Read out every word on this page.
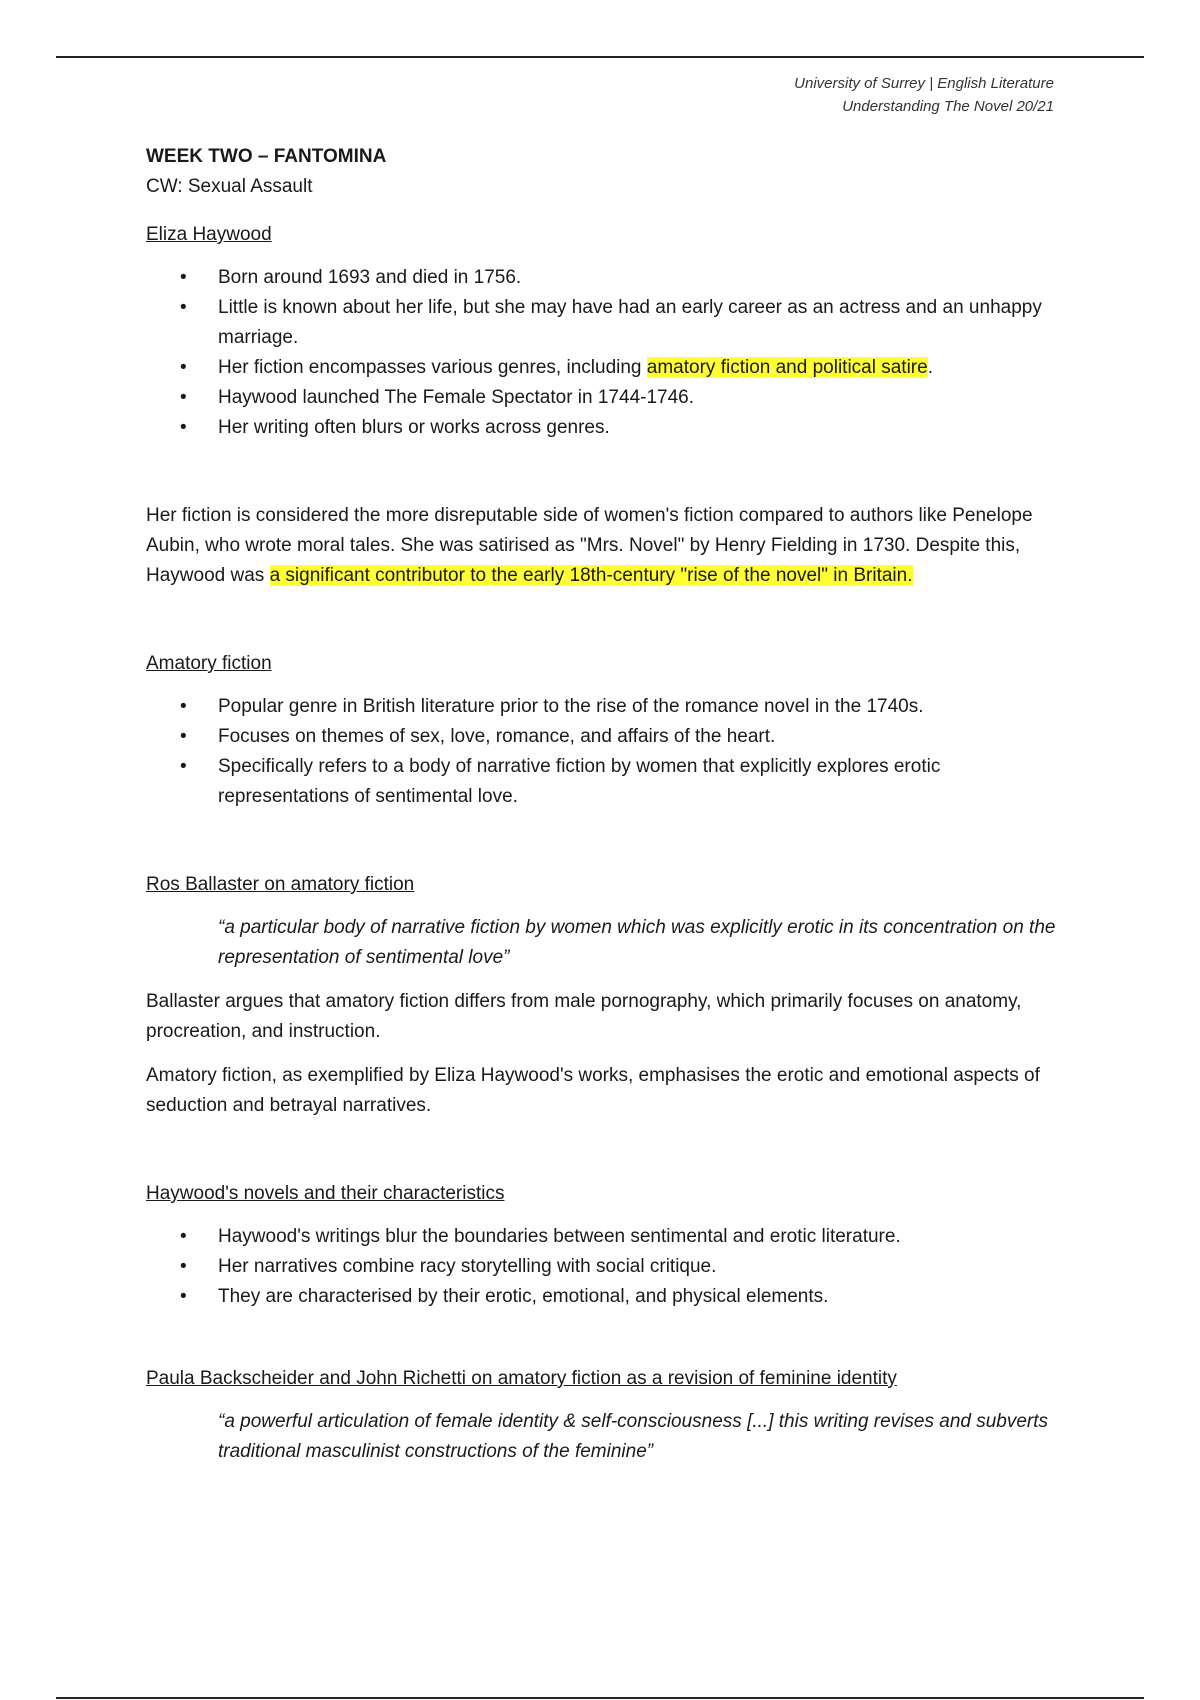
University of Surrey | English Literature
Understanding The Novel 20/21
WEEK TWO – FANTOMINA

CW: Sexual Assault

Eliza Haywood
• Born around 1693 and died in 1756.
• Little is known about her life, but she may have had an early career as an actress and an unhappy marriage.
• Her fiction encompasses various genres, including amatory fiction and political satire.
• Haywood launched The Female Spectator in 1744-1746.
• Her writing often blurs or works across genres.

Her fiction is considered the more disreputable side of women's fiction compared to authors like Penelope Aubin, who wrote moral tales. She was satirised as "Mrs. Novel" by Henry Fielding in 1730. Despite this, Haywood was a significant contributor to the early 18th-century "rise of the novel" in Britain.

Amatory fiction
• Popular genre in British literature prior to the rise of the romance novel in the 1740s.
• Focuses on themes of sex, love, romance, and affairs of the heart.
• Specifically refers to a body of narrative fiction by women that explicitly explores erotic representations of sentimental love.
Ros Ballaster on amatory fiction
“a particular body of narrative fiction by women which was explicitly erotic in its concentration on the representation of sentimental love”

Ballaster argues that amatory fiction differs from male pornography, which primarily focuses on anatomy, procreation, and instruction.

Amatory fiction, as exemplified by Eliza Haywood's works, emphasises the erotic and emotional aspects of seduction and betrayal narratives.

Haywood's novels and their characteristics
• Haywood's writings blur the boundaries between sentimental and erotic literature.
• Her narratives combine racy storytelling with social critique.
• They are characterised by their erotic, emotional, and physical elements.
Paula Backscheider and John Richetti on amatory fiction as a revision of feminine identity
“a powerful articulation of female identity & self-consciousness [...] this writing revises and subverts traditional masculinist constructions of the feminine”
